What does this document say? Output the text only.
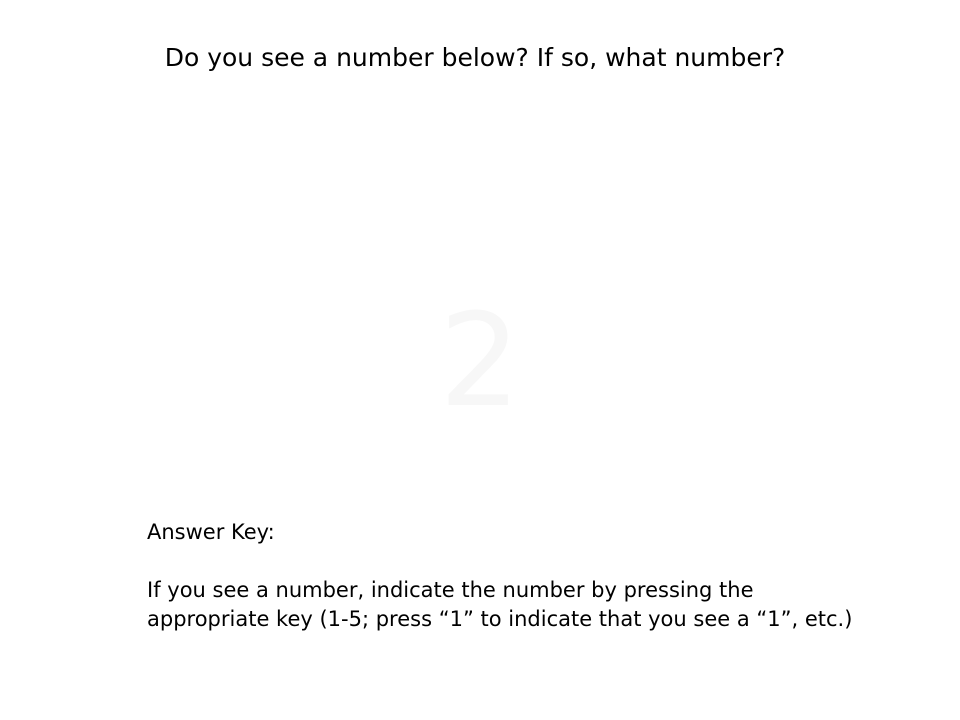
Do you see a number below? If so, what number?
2
Answer Key:
If you see a number, indicate the number by pressing the
appropriate key (1-5; press “1” to indicate that you see a “1”, etc.)
